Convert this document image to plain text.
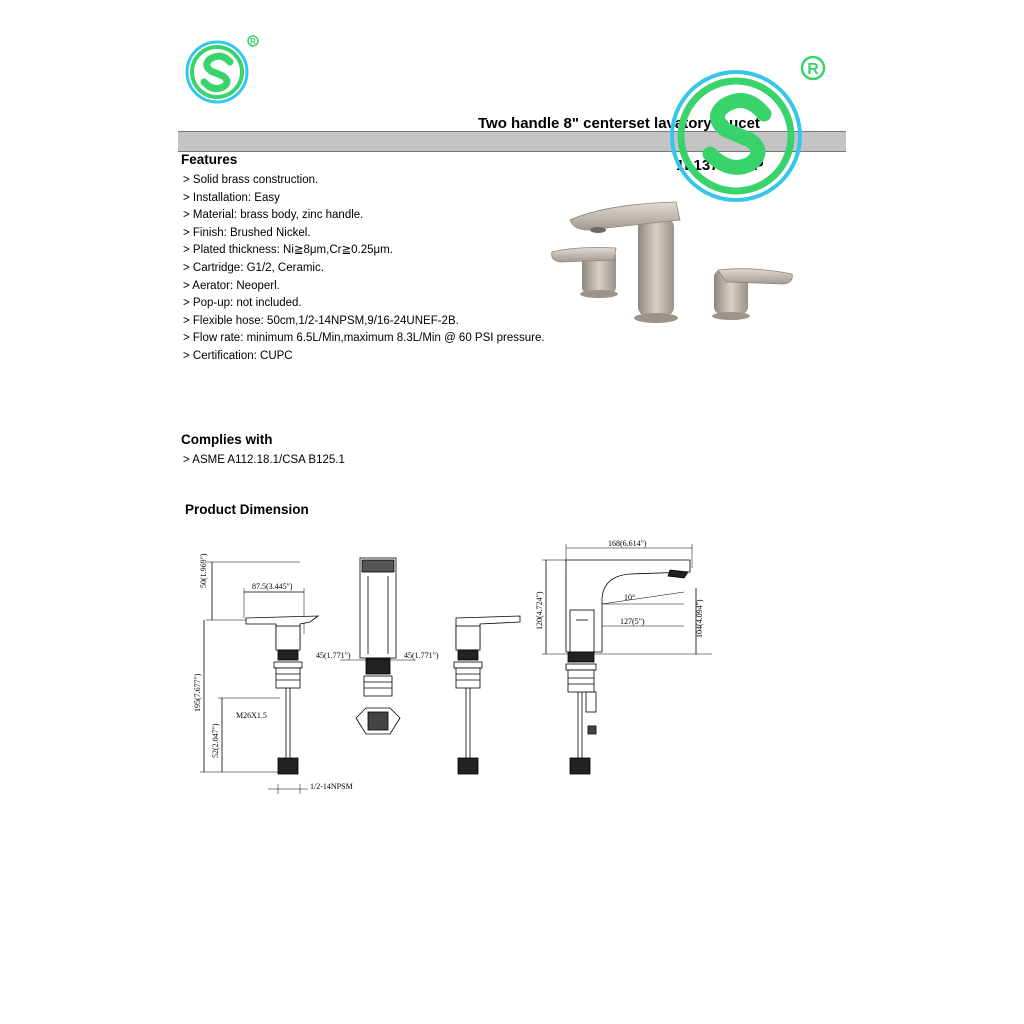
R
Two handle 8" centerset lavatory faucet
1L137400SP
R
Features
> Solid brass construction.
> Installation: Easy
> Material: brass body, zinc handle.
> Finish: Brushed Nickel.
> Plated thickness: Ni≧8μm,Cr≧0.25μm.
> Cartridge: G1/2, Ceramic.
> Aerator: Neoperl.
> Pop-up: not included.
> Flexible hose: 50cm,1/2-14NPSM,9/16-24UNEF-2B.
> Flow rate: minimum 6.5L/Min,maximum 8.3L/Min @ 60 PSI pressure.
> Certification: CUPC
Complies with
> ASME A112.18.1/CSA B125.1
Product Dimension
50(1.969")	87.5(3.445")
195(7.677")
52(2.047")
M26X1.5
1/2-14NPSM
45(1.771")	45(1.771")
168(6.614")
120(4.724")	104(4.094")
10°
127(5")
